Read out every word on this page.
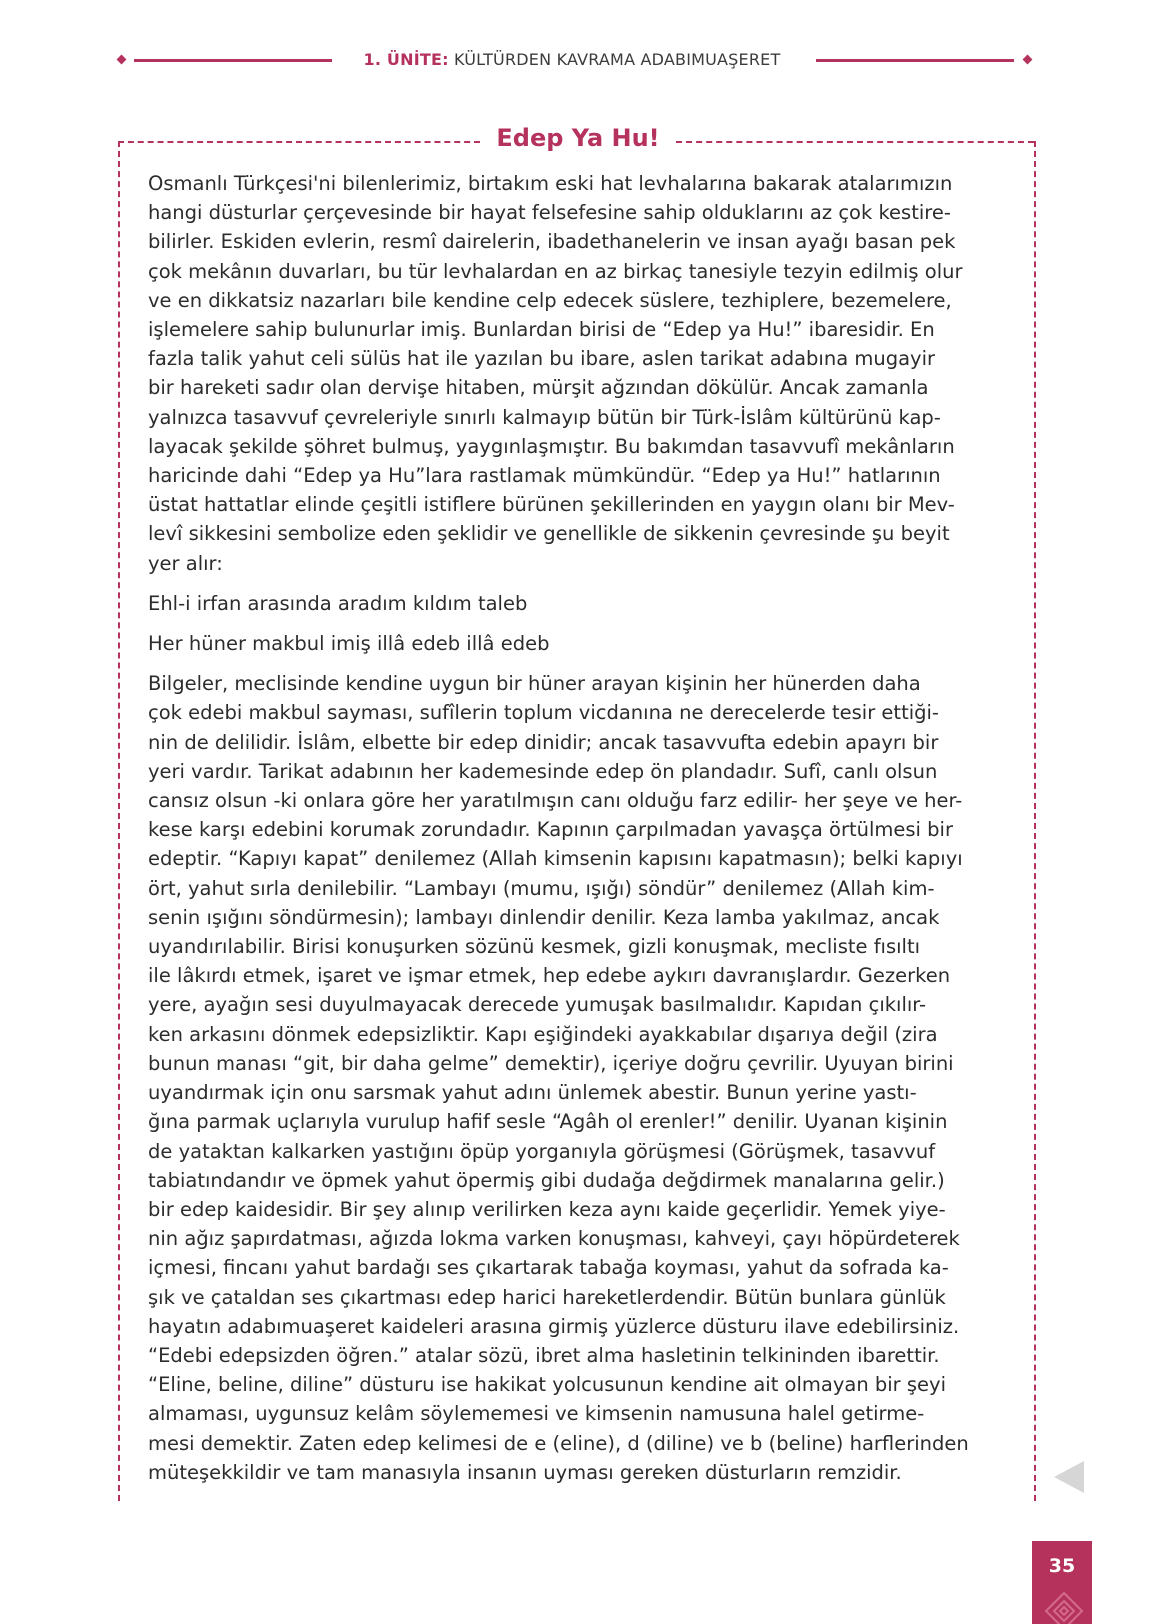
1. ÜNİTE: KÜLTÜRDEN KAVRAMA ADABIMUAŞERET
Edep Ya Hu!
Osmanlı Türkçesi'ni bilenlerimiz, birtakım eski hat levhalarına bakarak atalarımızın
hangi düsturlar çerçevesinde bir hayat felsefesine sahip olduklarını az çok kestire-
bilirler. Eskiden evlerin, resmî dairelerin, ibadethanelerin ve insan ayağı basan pek
çok mekânın duvarları, bu tür levhalardan en az birkaç tanesiyle tezyin edilmiş olur
ve en dikkatsiz nazarları bile kendine celp edecek süslere, tezhiplere, bezemelere,
işlemelere sahip bulunurlar imiş. Bunlardan birisi de “Edep ya Hu!” ibaresidir. En
fazla talik yahut celi sülüs hat ile yazılan bu ibare, aslen tarikat adabına mugayir
bir hareketi sadır olan dervişe hitaben, mürşit ağzından dökülür. Ancak zamanla
yalnızca tasavvuf çevreleriyle sınırlı kalmayıp bütün bir Türk-İslâm kültürünü kap-
layacak şekilde şöhret bulmuş, yaygınlaşmıştır. Bu bakımdan tasavvufî mekânların
haricinde dahi “Edep ya Hu”lara rastlamak mümkündür. “Edep ya Hu!” hatlarının
üstat hattatlar elinde çeşitli istiflere bürünen şekillerinden en yaygın olanı bir Mev-
levî sikkesini sembolize eden şeklidir ve genellikle de sikkenin çevresinde şu beyit
yer alır:
Ehl-i irfan arasında aradım kıldım taleb
Her hüner makbul imiş illâ edeb illâ edeb
Bilgeler, meclisinde kendine uygun bir hüner arayan kişinin her hünerden daha
çok edebi makbul sayması, sufîlerin toplum vicdanına ne derecelerde tesir ettiği-
nin de delilidir. İslâm, elbette bir edep dinidir; ancak tasavvufta edebin apayrı bir
yeri vardır. Tarikat adabının her kademesinde edep ön plandadır. Sufî, canlı olsun
cansız olsun -ki onlara göre her yaratılmışın canı olduğu farz edilir- her şeye ve her-
kese karşı edebini korumak zorundadır. Kapının çarpılmadan yavaşça örtülmesi bir
edeptir. “Kapıyı kapat” denilemez (Allah kimsenin kapısını kapatmasın); belki kapıyı
ört, yahut sırla denilebilir. “Lambayı (mumu, ışığı) söndür” denilemez (Allah kim-
senin ışığını söndürmesin); lambayı dinlendir denilir. Keza lamba yakılmaz, ancak
uyandırılabilir. Birisi konuşurken sözünü kesmek, gizli konuşmak, mecliste fısıltı
ile lâkırdı etmek, işaret ve işmar etmek, hep edebe aykırı davranışlardır. Gezerken
yere, ayağın sesi duyulmayacak derecede yumuşak basılmalıdır. Kapıdan çıkılır-
ken arkasını dönmek edepsizliktir. Kapı eşiğindeki ayakkabılar dışarıya değil (zira
bunun manası “git, bir daha gelme” demektir), içeriye doğru çevrilir. Uyuyan birini
uyandırmak için onu sarsmak yahut adını ünlemek abestir. Bunun yerine yastı-
ğına parmak uçlarıyla vurulup hafif sesle “Agâh ol erenler!” denilir. Uyanan kişinin
de yataktan kalkarken yastığını öpüp yorganıyla görüşmesi (Görüşmek, tasavvuf
tabiatındandır ve öpmek yahut öpermiş gibi dudağa değdirmek manalarına gelir.)
bir edep kaidesidir. Bir şey alınıp verilirken keza aynı kaide geçerlidir. Yemek yiye-
nin ağız şapırdatması, ağızda lokma varken konuşması, kahveyi, çayı höpürdeterek
içmesi, fincanı yahut bardağı ses çıkartarak tabağa koyması, yahut da sofrada ka-
şık ve çataldan ses çıkartması edep harici hareketlerdendir. Bütün bunlara günlük
hayatın adabımuaşeret kaideleri arasına girmiş yüzlerce düsturu ilave edebilirsiniz.
“Edebi edepsizden öğren.” atalar sözü, ibret alma hasletinin telkininden ibarettir.
“Eline, beline, diline” düsturu ise hakikat yolcusunun kendine ait olmayan bir şeyi
almaması, uygunsuz kelâm söylememesi ve kimsenin namusuna halel getirme-
mesi demektir. Zaten edep kelimesi de e (eline), d (diline) ve b (beline) harflerinden
müteşekkildir ve tam manasıyla insanın uyması gereken düsturların remzidir.
35
